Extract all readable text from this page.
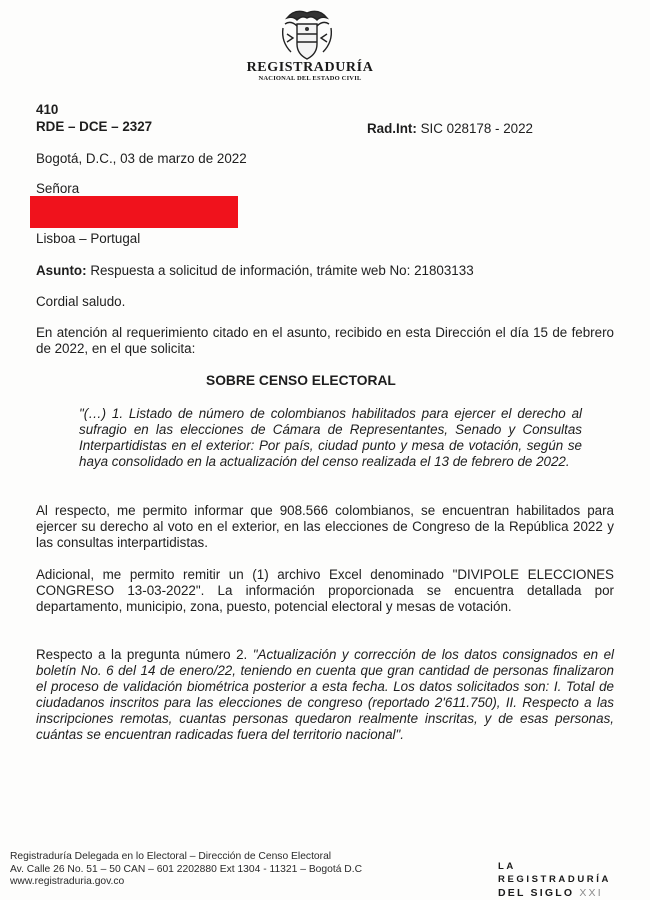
REGISTRADURÍA
NACIONAL DEL ESTADO CIVIL
410
RDE – DCE – 2327	Rad.Int: SIC 028178 - 2022
Bogotá, D.C., 03 de marzo de 2022
Señora
Lisboa – Portugal
Asunto: Respuesta a solicitud de información, trámite web No: 21803133
Cordial saludo.
En atención al requerimiento citado en el asunto, recibido en esta Dirección el día 15 de febrero de 2022, en el que solicita:
SOBRE CENSO ELECTORAL
"(…) 1. Listado de número de colombianos habilitados para ejercer el derecho al sufragio en las elecciones de Cámara de Representantes, Senado y Consultas Interpartidistas en el exterior: Por país, ciudad punto y mesa de votación, según se haya consolidado en la actualización del censo realizada el 13 de febrero de 2022.
Al respecto, me permito informar que 908.566 colombianos, se encuentran habilitados para ejercer su derecho al voto en el exterior, en las elecciones de Congreso de la República 2022 y las consultas interpartidistas.
Adicional, me permito remitir un (1) archivo Excel denominado "DIVIPOLE ELECCIONES CONGRESO 13-03-2022". La información proporcionada se encuentra detallada por departamento, municipio, zona, puesto, potencial electoral y mesas de votación.
Respecto a la pregunta número 2. "Actualización y corrección de los datos consignados en el boletín No. 6 del 14 de enero/22, teniendo en cuenta que gran cantidad de personas finalizaron el proceso de validación biométrica posterior a esta fecha. Los datos solicitados son: I. Total de ciudadanos inscritos para las elecciones de congreso (reportado 2'611.750), II. Respecto a las inscripciones remotas, cuantas personas quedaron realmente inscritas, y de esas personas, cuántas se encuentran radicadas fuera del territorio nacional".
Registraduría Delegada en lo Electoral – Dirección de Censo Electoral
Av. Calle 26 No. 51 – 50 CAN – 601 2202880 Ext 1304 - 11321 – Bogotá D.C
www.registraduria.gov.co
LA REGISTRADURÍA
DEL SIGLO XXI
